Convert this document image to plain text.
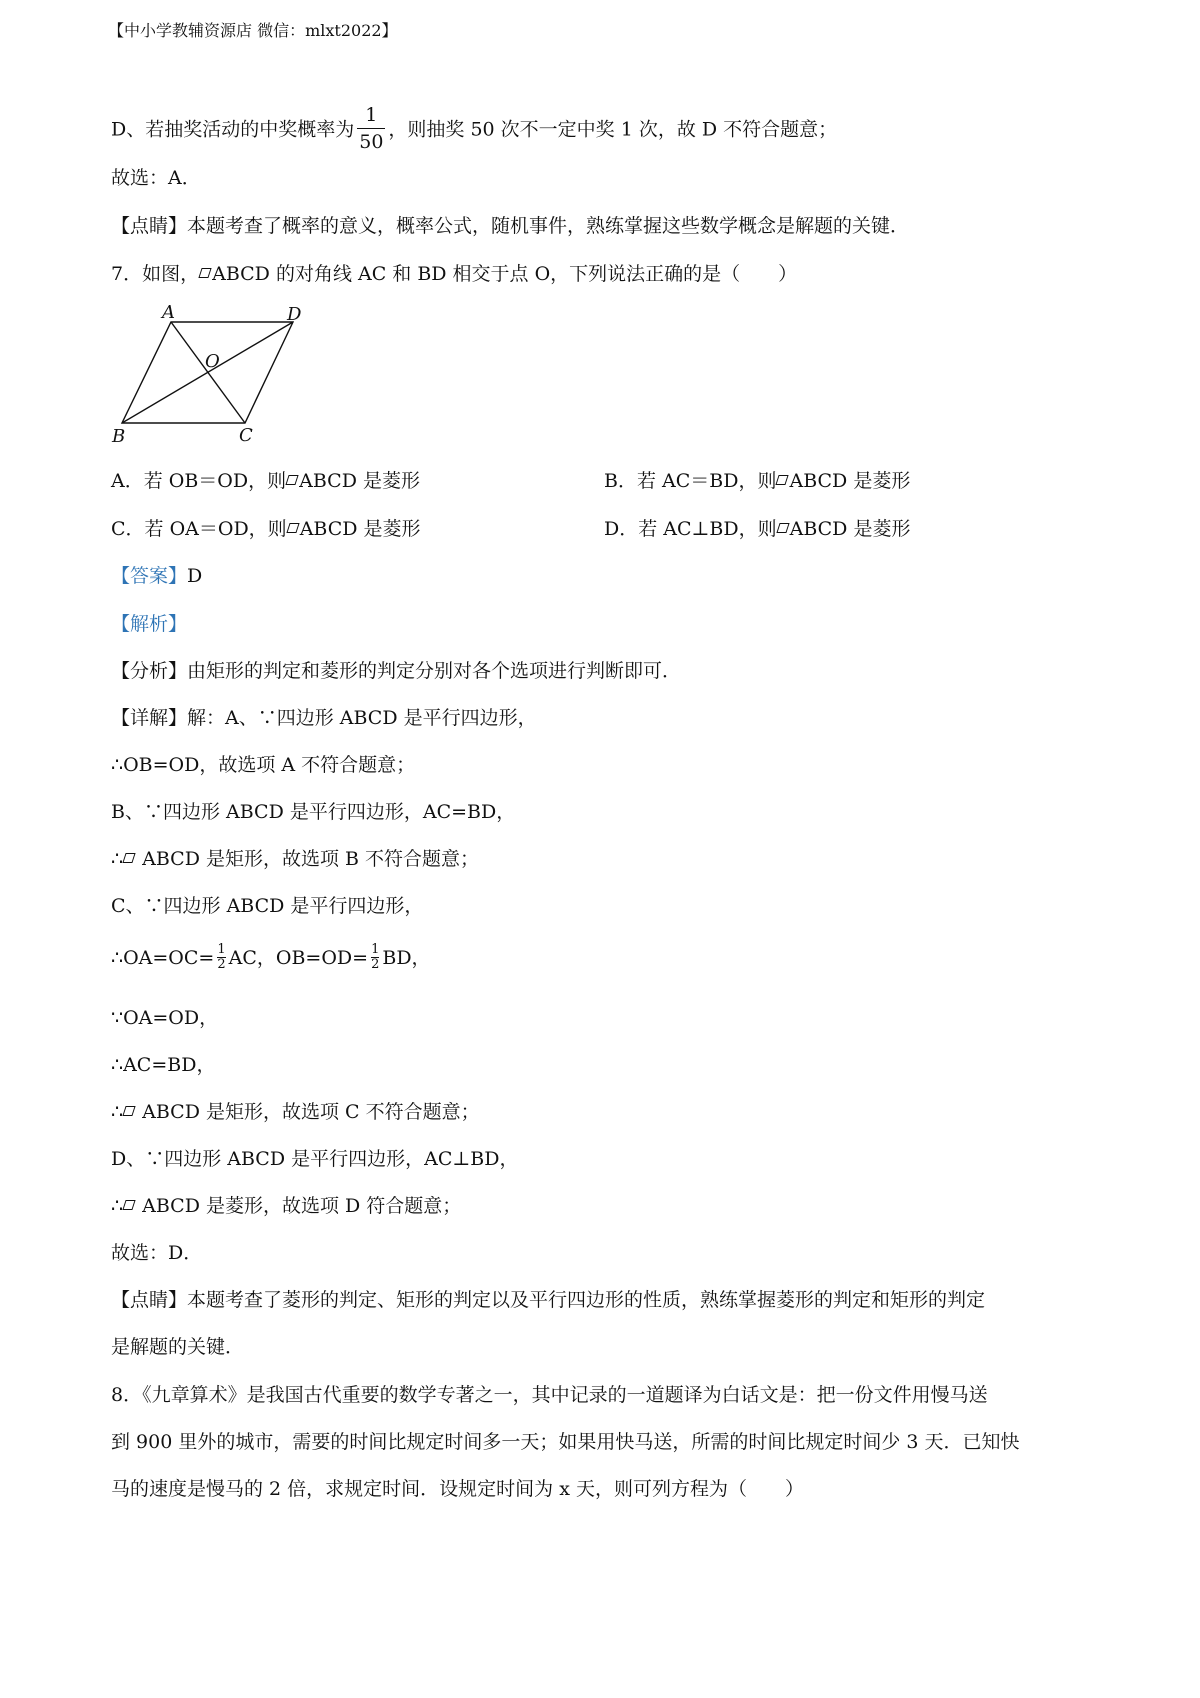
【中小学教辅资源店 微信：mlxt2022】
D、若抽奖活动的中奖概率为 $\frac{1}{50}$ ，则抽奖 50 次不一定中奖 1 次，故 D 不符合题意；
故选：A．
【点睛】本题考查了概率的意义，概率公式，随机事件，熟练掌握这些数学概念是解题的关键．
7．如图， ABCD 的对角线 AC 和 BD 相交于点 O，下列说法正确的是（　　）
A	D
O
B	C
A．若 OB＝OD，则 ABCD 是菱形	B．若 AC＝BD，则 ABCD 是菱形
C．若 OA＝OD，则 ABCD 是菱形	D．若 AC⊥BD，则 ABCD 是菱形
【答案】D
【解析】
【分析】由矩形的判定和菱形的判定分别对各个选项进行判断即可．
【详解】解：A、∵四边形 ABCD 是平行四边形，
∴OB=OD，故选项 A 不符合题意；
B、∵四边形 ABCD 是平行四边形，AC=BD，
∴ ABCD 是矩形，故选项 B 不符合题意；
C、∵四边形 ABCD 是平行四边形，
∴OA=OC= $\frac{1}{2}$ AC，$OB=OD= \frac{1}{2}$ BD，
∵OA=OD，
∴AC=BD，
∴ ABCD 是矩形，故选项 C 不符合题意；
D、∵四边形 ABCD 是平行四边形，AC⊥BD，
∴ ABCD 是菱形，故选项 D 符合题意；
故选：D．
【点睛】本题考查了菱形的判定、矩形的判定以及平行四边形的性质，熟练掌握菱形的判定和矩形的判定
是解题的关键．
8．《九章算术》是我国古代重要的数学专著之一，其中记录的一道题译为白话文是：把一份文件用慢马送
到 900 里外的城市，需要的时间比规定时间多一天；如果用快马送，所需的时间比规定时间少 3 天．已知快
马的速度是慢马的 2 倍，求规定时间．设规定时间为 x 天，则可列方程为（　　）
